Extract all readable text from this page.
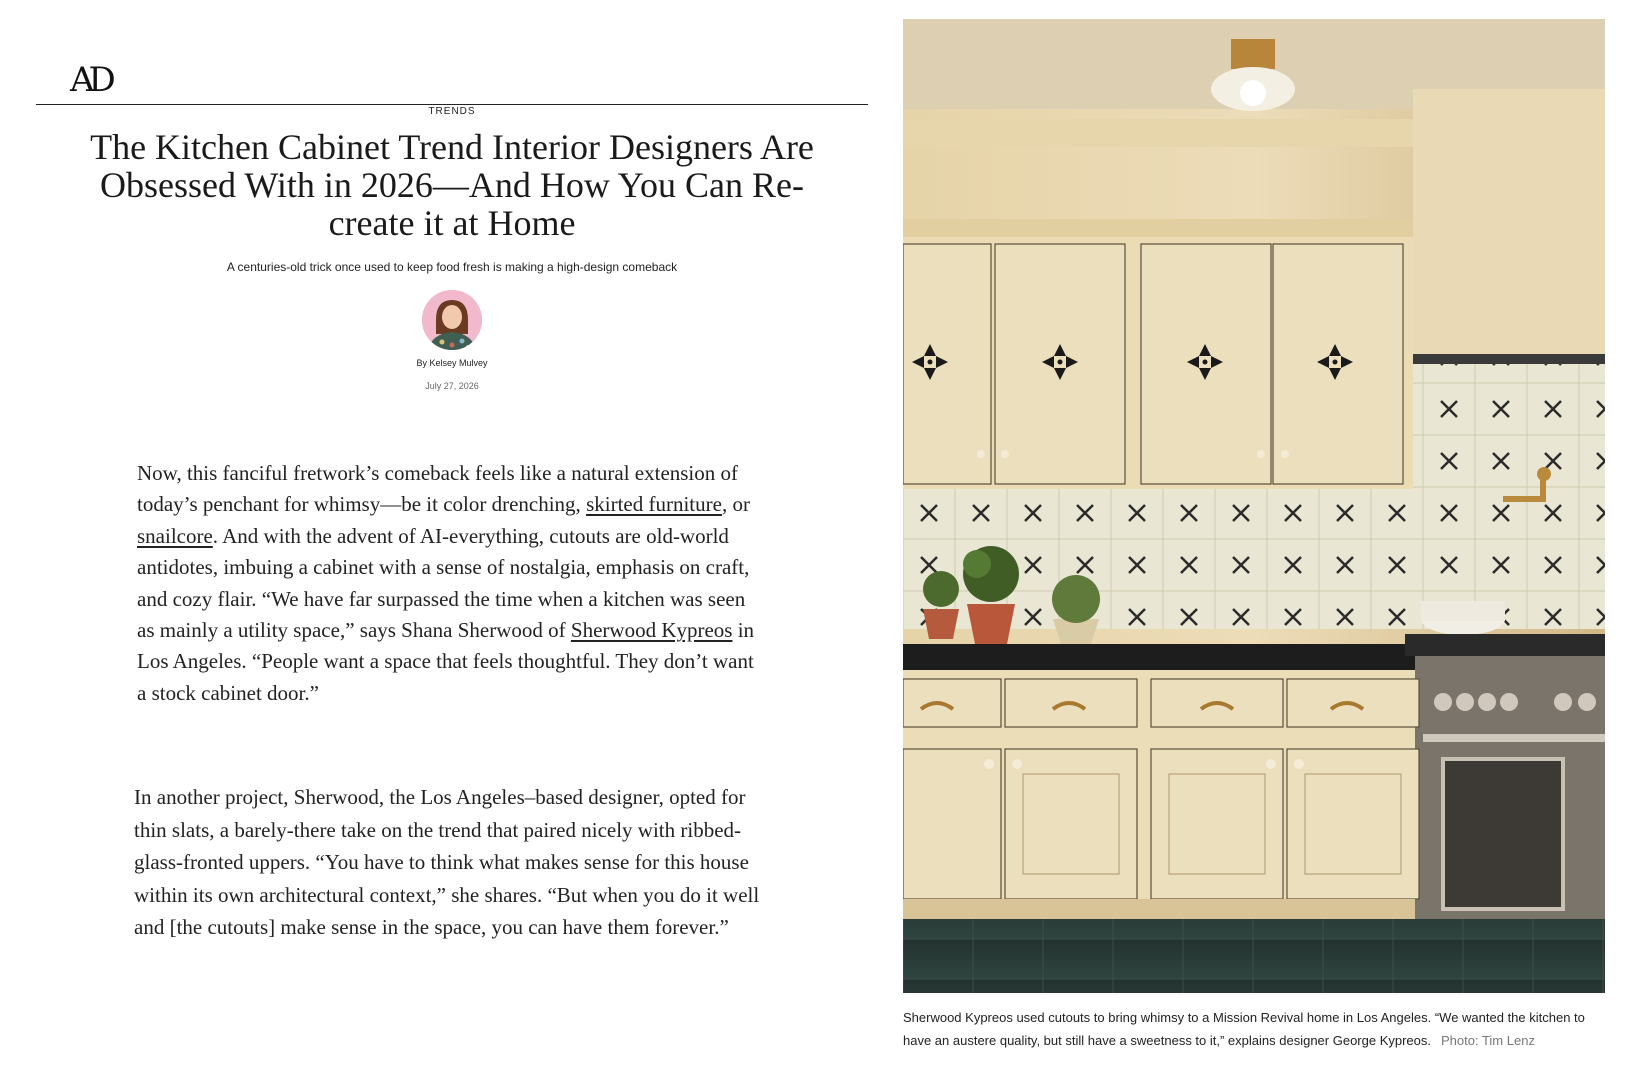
AD
TRENDS
The Kitchen Cabinet Trend Interior Designers Are Obsessed With in 2026—And How You Can Re-create it at Home
A centuries-old trick once used to keep food fresh is making a high-design comeback
By Kelsey Mulvey
July 27, 2026

Now, this fanciful fretwork’s comeback feels like a natural extension of today’s penchant for whimsy—be it color drenching, skirted furniture, or snailcore. And with the advent of AI-everything, cutouts are old-world antidotes, imbuing a cabinet with a sense of nostalgia, emphasis on craft, and cozy flair. “We have far surpassed the time when a kitchen was seen as mainly a utility space,” says Shana Sherwood of Sherwood Kypreos in Los Angeles. “People want a space that feels thoughtful. They don’t want a stock cabinet door.”

In another project, Sherwood, the Los Angeles–based designer, opted for thin slats, a barely-there take on the trend that paired nicely with ribbed-glass-fronted uppers. “You have to think what makes sense for this house within its own architectural context,” she shares. “But when you do it well and [the cutouts] make sense in the space, you can have them forever.”

Sherwood Kypreos used cutouts to bring whimsy to a Mission Revival home in Los Angeles. “We wanted the kitchen to have an austere quality, but still have a sweetness to it,” explains designer George Kypreos. Photo: Tim Lenz
